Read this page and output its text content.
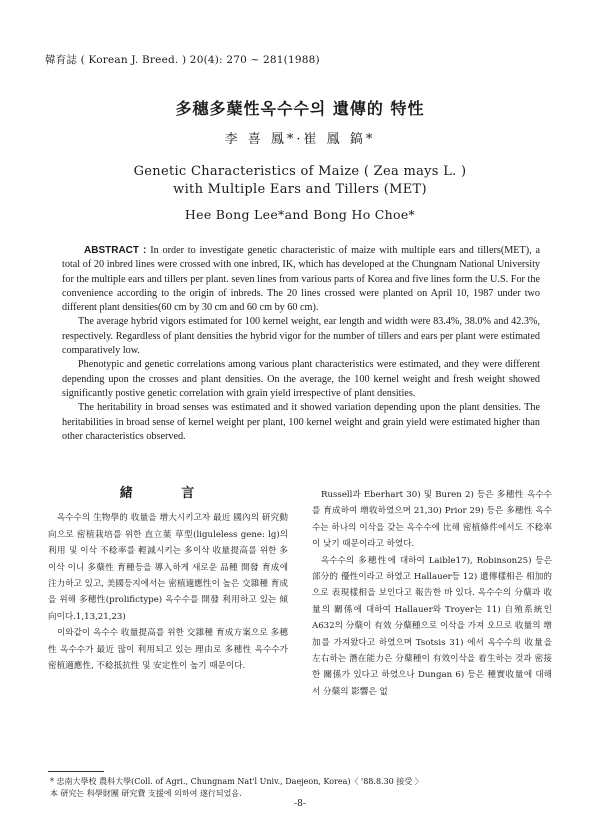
韓育誌 ( Korean J. Breed. ) 20(4): 270 ~ 281(1988)
多穗多蘖性옥수수의 遺傳的 特性
李 喜 鳳*·崔 鳳 鎬*
Genetic Characteristics of Maize ( Zea mays L. )
with Multiple Ears and Tillers (MET)
Hee Bong Lee*and Bong Ho Choe*

ABSTRACT : In order to investigate genetic characteristic of maize with multiple ears and tillers(MET), a total of 20 inbred lines were crossed with one inbred, IK, which has developed at the Chungnam National University for the multiple ears and tillers per plant. seven lines from various parts of Korea and five lines form the U.S. For the convenience according to the origin of inbreds. The 20 lines crossed were planted on April 10, 1987 under two different plant densities(60 cm by 30 cm and 60 cm by 60 cm).

The average hybrid vigors estimated for 100 kernel weight, ear length and width were 83.4%, 38.0% and 42.3%, respectively. Regardless of plant densities the hybrid vigor for the number of tillers and ears per plant were estimated comparatively low.

Phenotypic and genetic correlations among various plant characteristics were estimated, and they were different depending upon the crosses and plant densities. On the average, the 100 kernel weight and fresh weight showed significantly postive genetic correlation with grain yield irrespective of plant densities.

The heritability in broad senses was estimated and it showed variation depending upon the plant densities. The heritabilities in broad sense of kernel weight per plant, 100 kernel weight and grain yield were estimated higher than other characteristics observed.

緒 言

옥수수의 生物學的 收量을 增大시키고자 最近 國內의 研究動向으로 密植栽培를 위한 直立葉 草型(liguleless gene: lg)의 利用 및 이삭 不稔率를 輕減시키는 多이삭 收量提高를 위한 多이삭 이니 多蘖性 育種등을 導入하게 새로운 品種 開發 育成에 注力하고 있고, 美國등지에서는 密植適應性이 높은 交雜種 育成을 위해 多穗性(prolifictype) 옥수수를 開發 利用하고 있는 傾向이다.1,13,21,23)

이와같이 옥수수 收量提高를 위한 交雜種 育成方案으로 多穗性 옥수수가 最近 많이 利用되고 있는 理由로 多穗性 옥수수가 密植適應性, 不稔抵抗性 및 安定性이 높기 때문이다.

Russell과 Eberhart 30) 및 Buren 2) 등은 多穗性 옥수수를 育成하여 增收하였으며 21,30) Prior 29) 등은 多穗性 옥수수는 하나의 이삭을 갖는 옥수수에 比해 密植條件에서도 不稔率이 낮기 때문이라고 하였다.

옥수수의 多穗性에 대하여 Laible17), Robinson25) 등은 部分的 優性이라고 하였고 Hallauer등 12) 遺傳樣相은 相加的으로 表現樣相을 보인다고 報告한 바 있다. 옥수수의 分蘖과 收量의 關係에 대하여 Hallauer와 Troyer는 11) 自殖系統인 A632의 分蘖이 有效 分蘖種으로 이삭을 가져 오므로 收量의 增加를 가져왔다고 하였으며 Tsotsis 31) 에서 옥수수의 收量을 左右하는 潛在能力은 分蘖種이 有效이삭을 着生하는 것과 密接한 關係가 있다고 하였으나 Dungan 6) 등은 種實收量에 대해서 分蘖의 影響은 없

* 忠南大學校 農科大學(Coll. of Agri., Chungnam Nat'l Univ., Daejeon, Korea)〈 '88.8.30 接受 〉
本 研究는 科學財團 研究費 支援에 의하여 遂行되었음.
-8-
